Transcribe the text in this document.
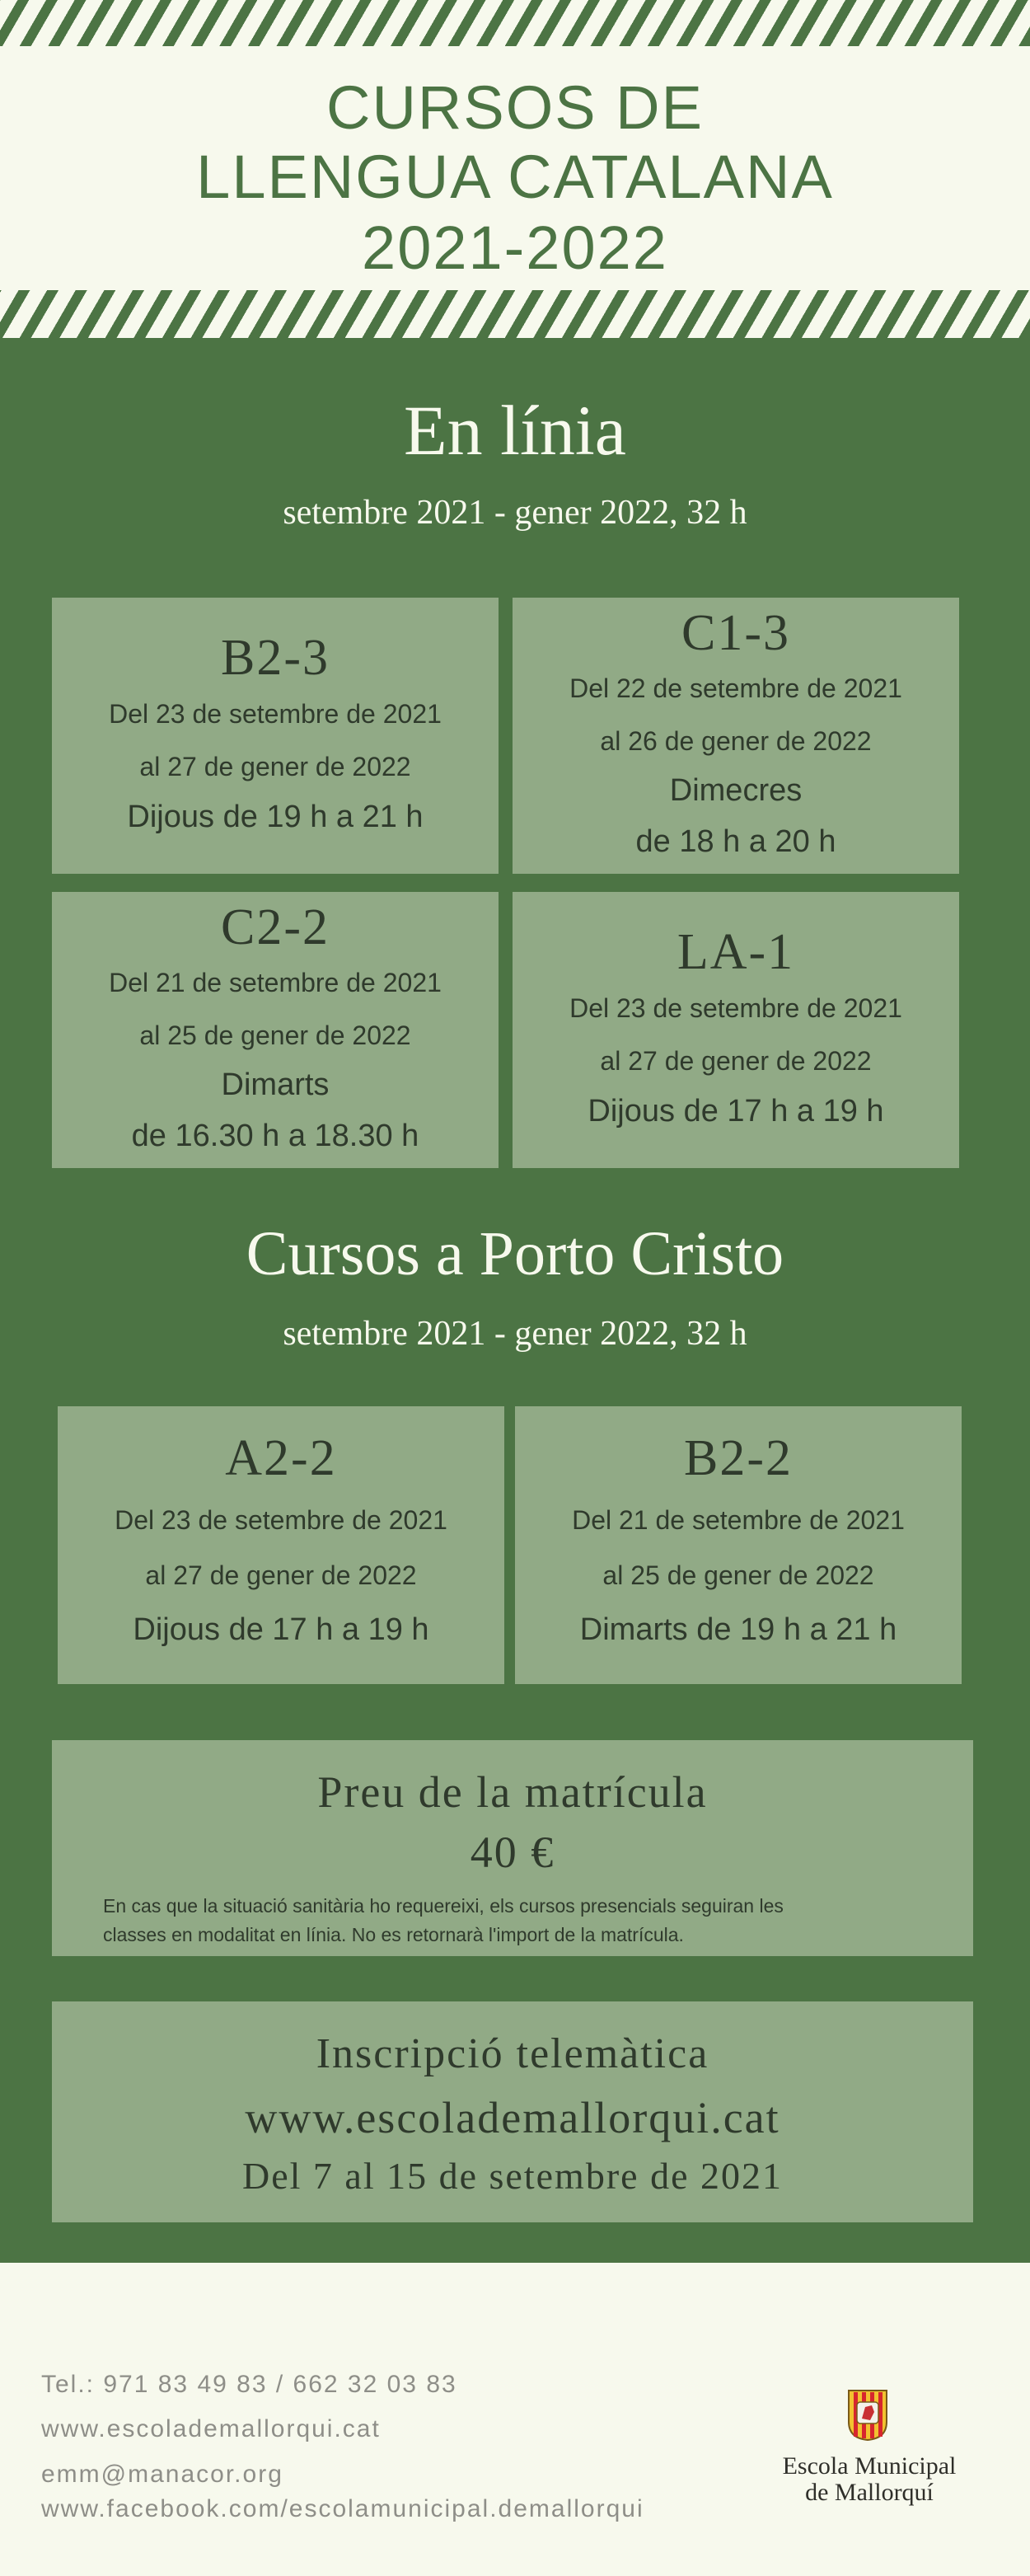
CURSOS DE
LLENGUA CATALANA
2021-2022
En línia
setembre 2021 - gener 2022, 32 h
B2-3
Del 23 de setembre de 2021
al 27 de gener de 2022
Dijous de 19 h a 21 h
C1-3
Del 22 de setembre de 2021
al 26 de gener de 2022
Dimecres
de 18 h a 20 h
C2-2
Del 21 de setembre de 2021
al 25 de gener de 2022
Dimarts
de 16.30 h a 18.30 h
LA-1
Del 23 de setembre de 2021
al 27 de gener de 2022
Dijous de 17 h a 19 h
Cursos a Porto Cristo
setembre 2021 - gener 2022, 32 h
A2-2
Del 23 de setembre de 2021
al 27 de gener de 2022
Dijous de 17 h a 19 h
B2-2
Del 21 de setembre de 2021
al 25 de gener de 2022
Dimarts de 19 h a 21 h
Preu de la matrícula
40 €
En cas que la situació sanitària ho requereixi, els cursos presencials seguiran les
classes en modalitat en línia. No es retornarà l'import de la matrícula.
Inscripció telemàtica
www.escolademallorqui.cat
Del 7 al 15 de setembre de 2021
Tel.: 971 83 49 83 / 662 32 03 83
www.escolademallorqui.cat
emm@manacor.org
www.facebook.com/escolamunicipal.demallorqui
Escola Municipal
de Mallorquí
